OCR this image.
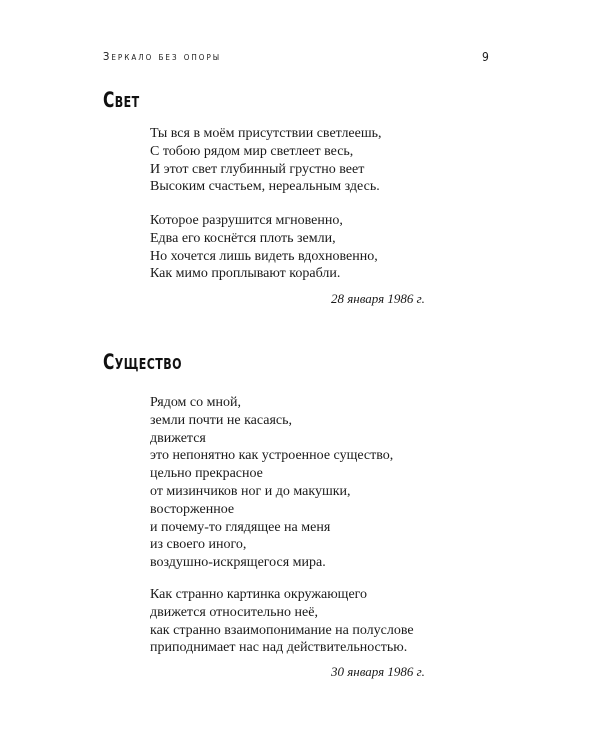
Зеркало без опоры	9
Свет
Ты вся в моём присутствии светлеешь,
С тобою рядом мир светлеет весь,
И этот свет глубинный грустно веет
Высоким счастьем, нереальным здесь.
Которое разрушится мгновенно,
Едва его коснётся плоть земли,
Но хочется лишь видеть вдохновенно,
Как мимо проплывают корабли.
28 января 1986 г.
Существо
Рядом со мной,
земли почти не касаясь,
движется
это непонятно как устроенное существо,
цельно прекрасное
от мизинчиков ног и до макушки,
восторженное
и почему-то глядящее на меня
из своего иного,
воздушно-искрящегося мира.
Как странно картинка окружающего
движется относительно неё,
как странно взаимопонимание на полуслове
приподнимает нас над действительностью.
30 января 1986 г.
